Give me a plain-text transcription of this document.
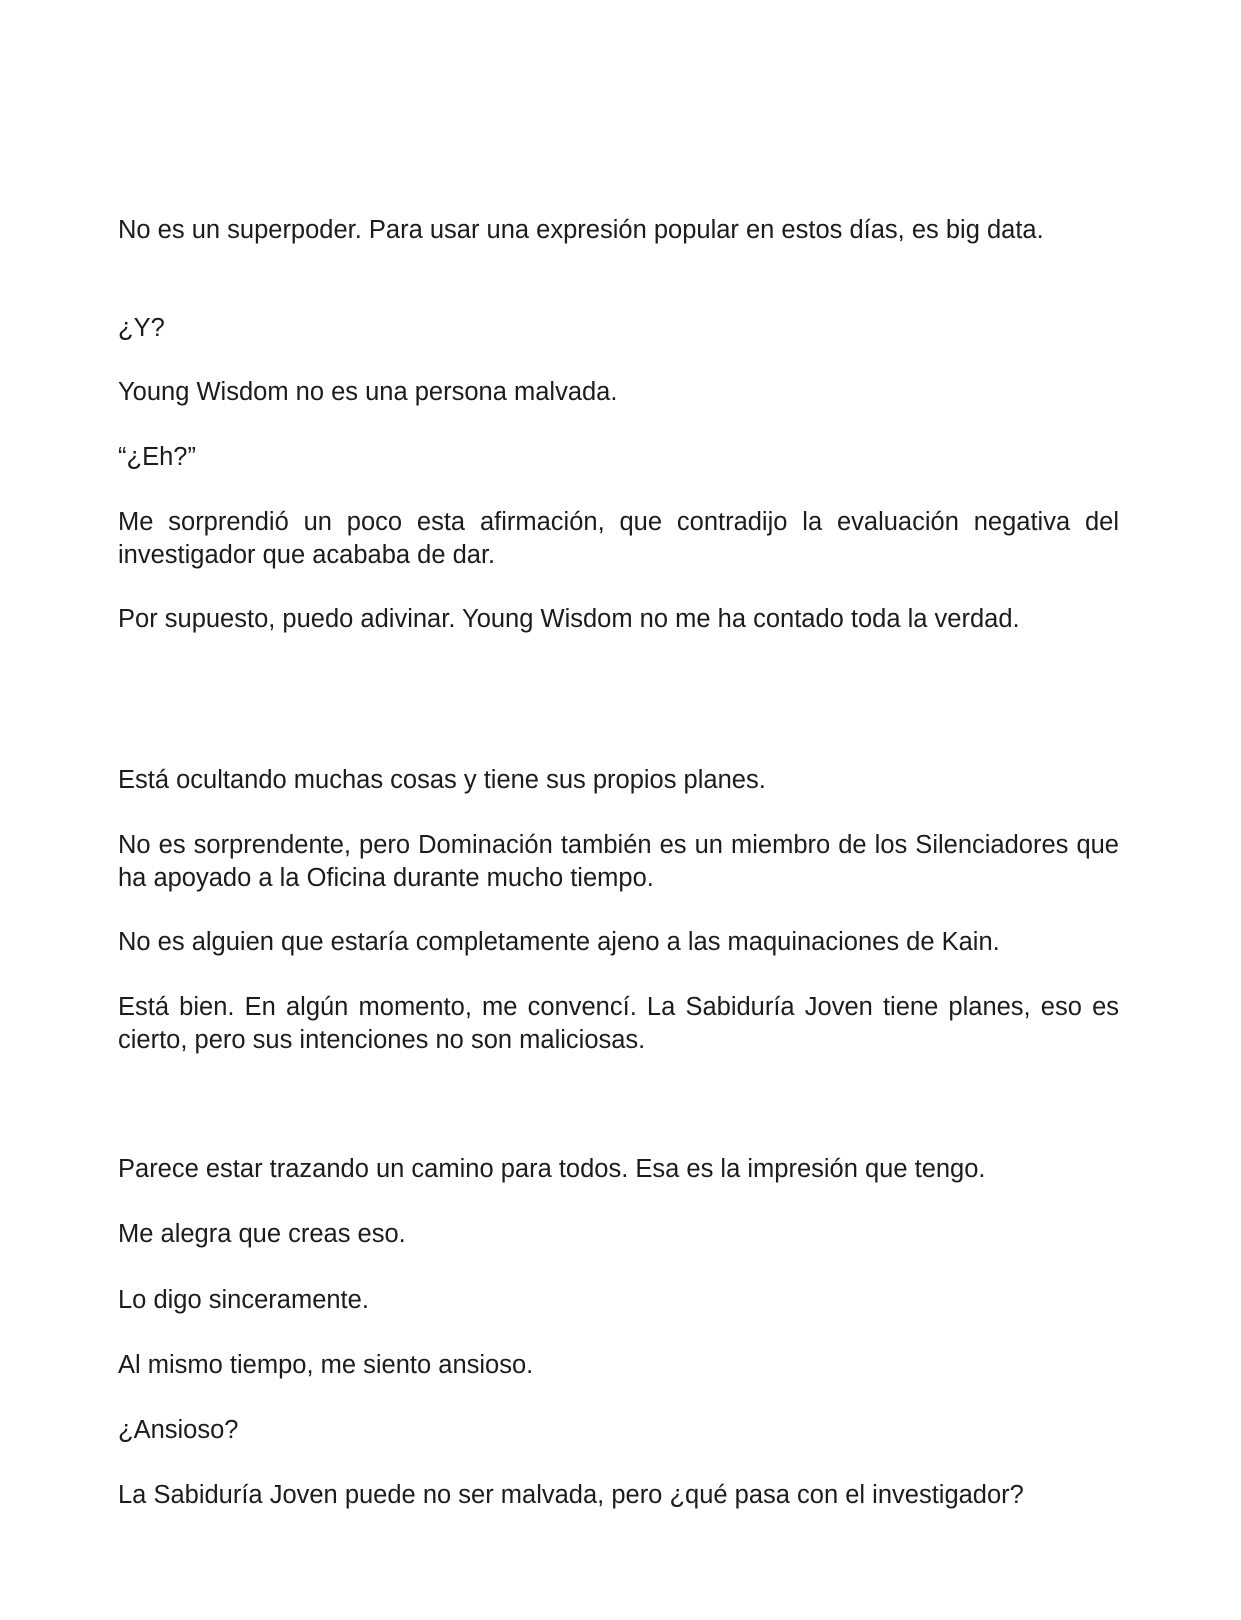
No es un superpoder. Para usar una expresión popular en estos días, es big data.

¿Y?

Young Wisdom no es una persona malvada.

“¿Eh?”

Me sorprendió un poco esta afirmación, que contradijo la evaluación negativa del investigador que acababa de dar.

Por supuesto, puedo adivinar. Young Wisdom no me ha contado toda la verdad.

Está ocultando muchas cosas y tiene sus propios planes.

No es sorprendente, pero Dominación también es un miembro de los Silenciadores que ha apoyado a la Oficina durante mucho tiempo.

No es alguien que estaría completamente ajeno a las maquinaciones de Kain.

Está bien. En algún momento, me convencí. La Sabiduría Joven tiene planes, eso es cierto, pero sus intenciones no son maliciosas.

Parece estar trazando un camino para todos. Esa es la impresión que tengo.

Me alegra que creas eso.

Lo digo sinceramente.

Al mismo tiempo, me siento ansioso.

¿Ansioso?

La Sabiduría Joven puede no ser malvada, pero ¿qué pasa con el investigador?
